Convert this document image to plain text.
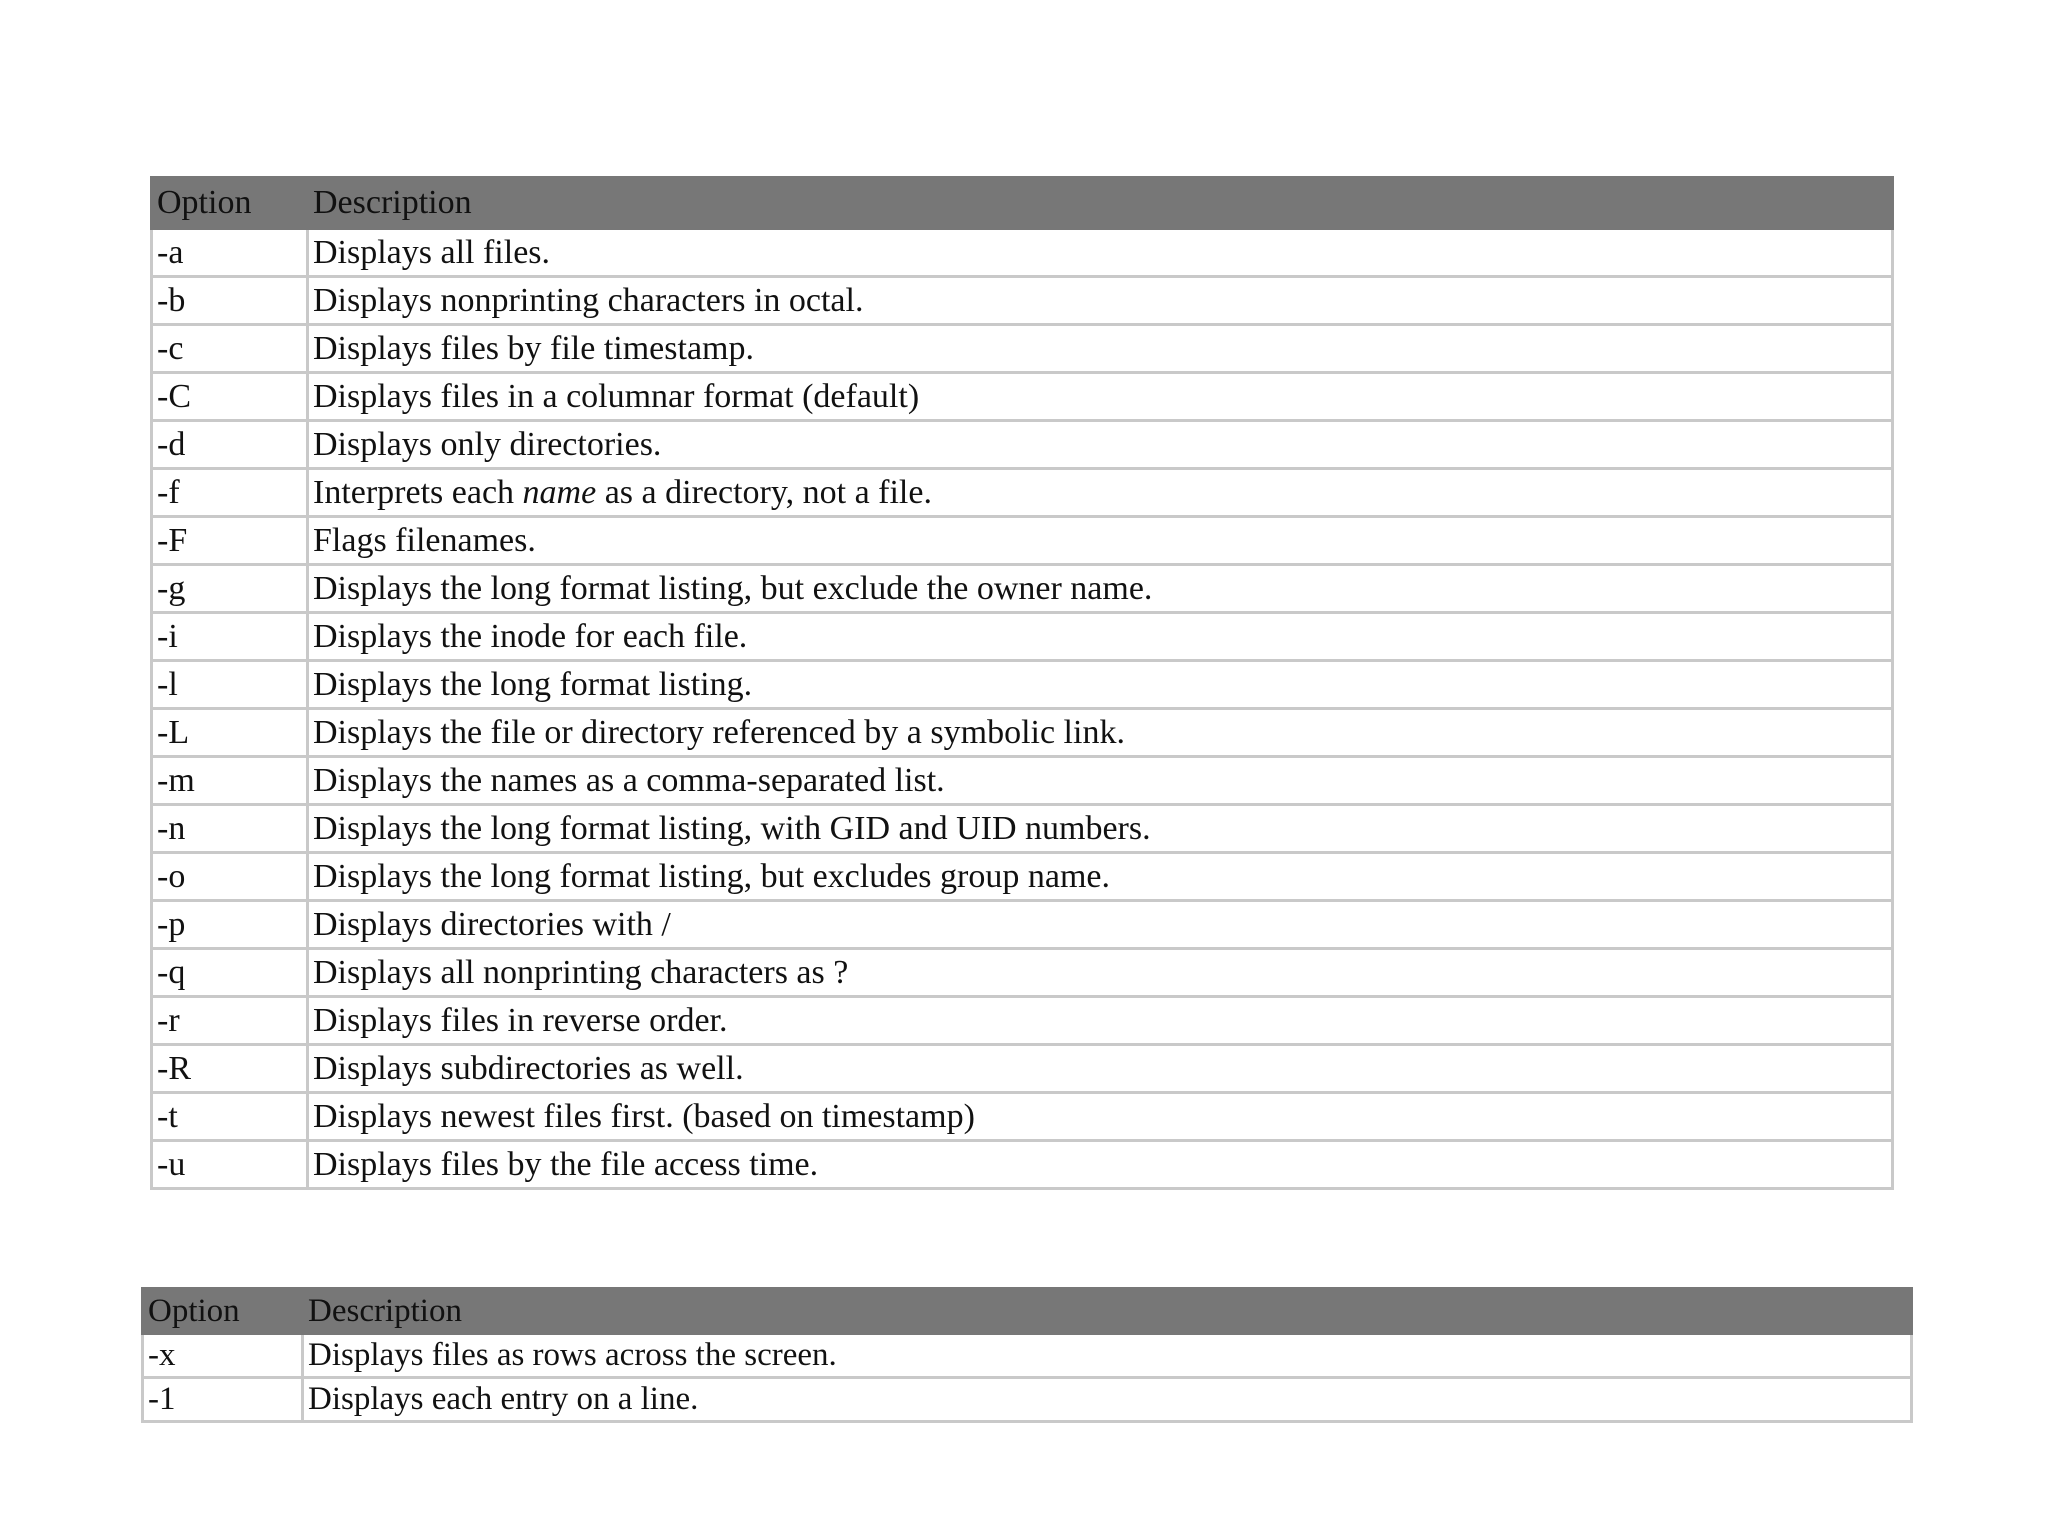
Option	Description
-a	Displays all files.
-b	Displays nonprinting characters in octal.
-c	Displays files by file timestamp.
-C	Displays files in a columnar format (default)
-d	Displays only directories.
-f	Interprets each name as a directory, not a file.
-F	Flags filenames.
-g	Displays the long format listing, but exclude the owner name.
-i	Displays the inode for each file.
-l	Displays the long format listing.
-L	Displays the file or directory referenced by a symbolic link.
-m	Displays the names as a comma-separated list.
-n	Displays the long format listing, with GID and UID numbers.
-o	Displays the long format listing, but excludes group name.
-p	Displays directories with /
-q	Displays all nonprinting characters as ?
-r	Displays files in reverse order.
-R	Displays subdirectories as well.
-t	Displays newest files first. (based on timestamp)
-u	Displays files by the file access time.
Option	Description
-x	Displays files as rows across the screen.
-1	Displays each entry on a line.
